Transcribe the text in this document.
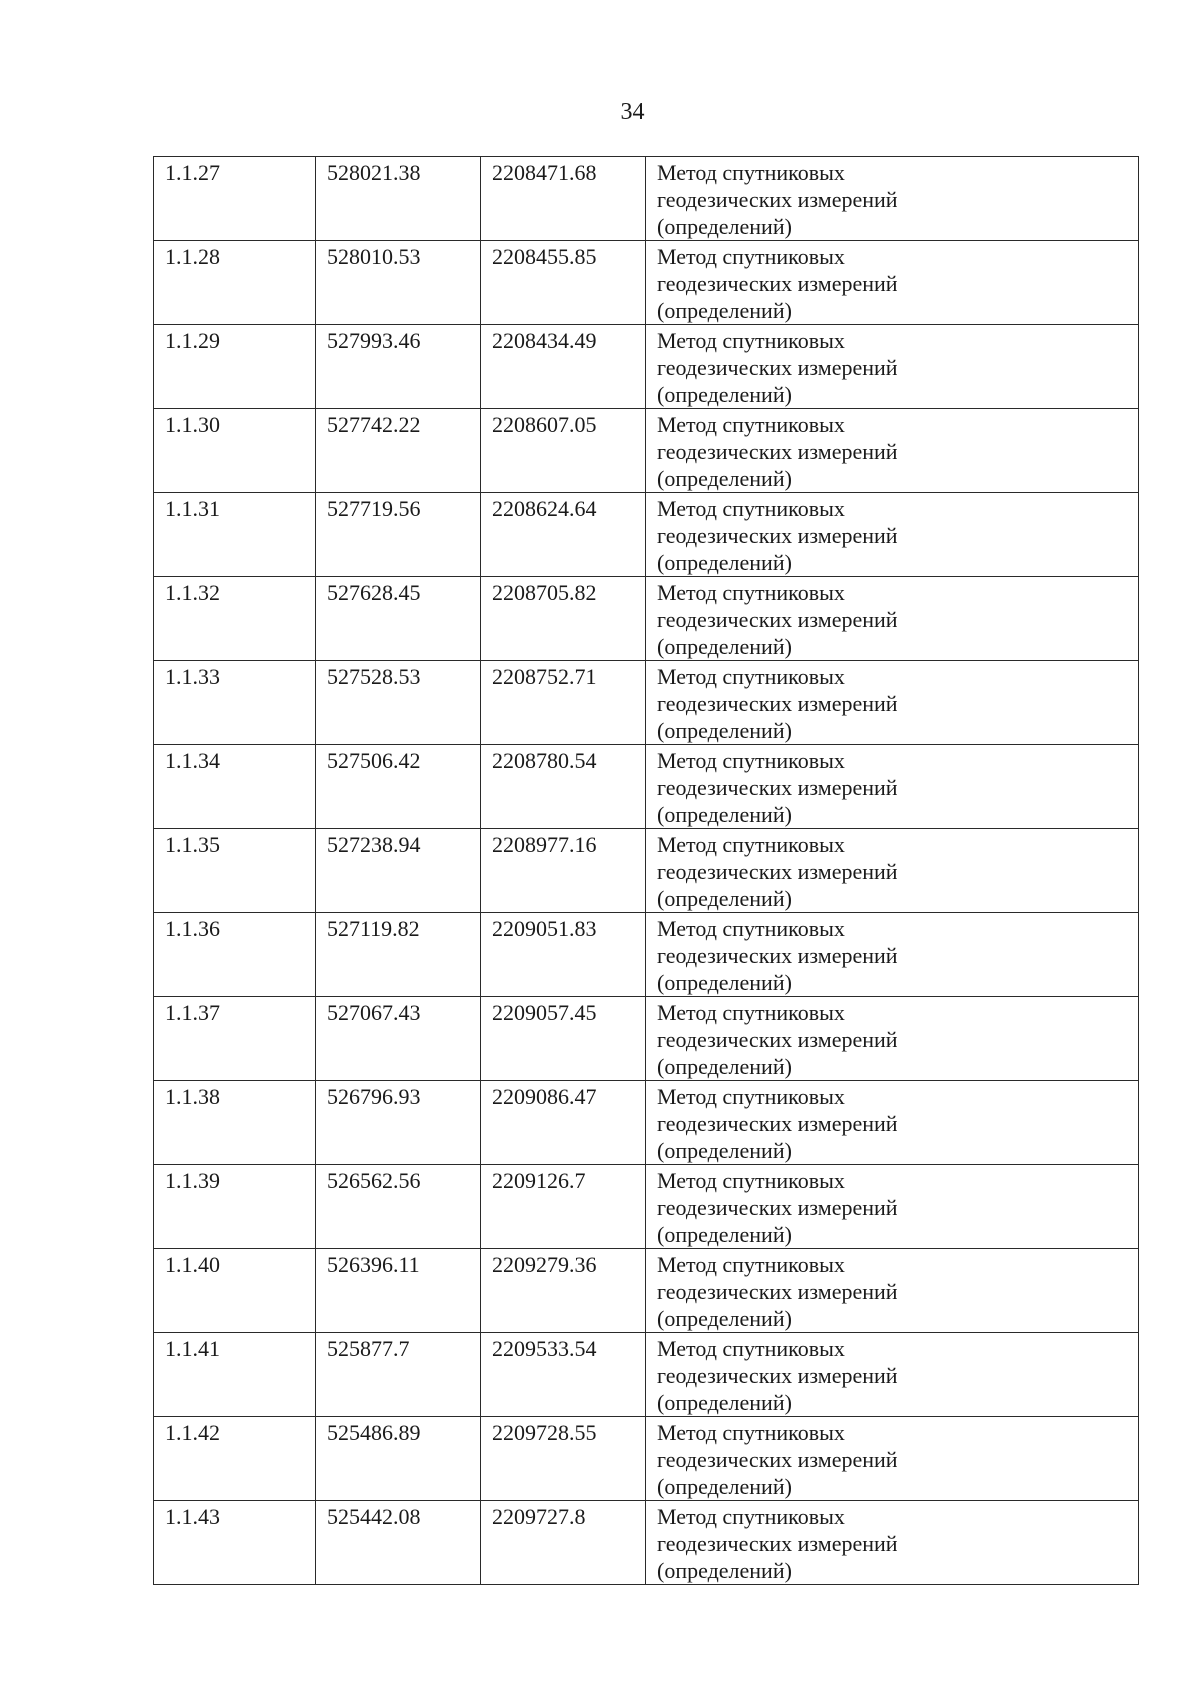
34
1.1.27	528021.38	2208471.68	Метод спутниковых
геодезических измерений
(определений)
1.1.28	528010.53	2208455.85	Метод спутниковых
геодезических измерений
(определений)
1.1.29	527993.46	2208434.49	Метод спутниковых
геодезических измерений
(определений)
1.1.30	527742.22	2208607.05	Метод спутниковых
геодезических измерений
(определений)
1.1.31	527719.56	2208624.64	Метод спутниковых
геодезических измерений
(определений)
1.1.32	527628.45	2208705.82	Метод спутниковых
геодезических измерений
(определений)
1.1.33	527528.53	2208752.71	Метод спутниковых
геодезических измерений
(определений)
1.1.34	527506.42	2208780.54	Метод спутниковых
геодезических измерений
(определений)
1.1.35	527238.94	2208977.16	Метод спутниковых
геодезических измерений
(определений)
1.1.36	527119.82	2209051.83	Метод спутниковых
геодезических измерений
(определений)
1.1.37	527067.43	2209057.45	Метод спутниковых
геодезических измерений
(определений)
1.1.38	526796.93	2209086.47	Метод спутниковых
геодезических измерений
(определений)
1.1.39	526562.56	2209126.7	Метод спутниковых
геодезических измерений
(определений)
1.1.40	526396.11	2209279.36	Метод спутниковых
геодезических измерений
(определений)
1.1.41	525877.7	2209533.54	Метод спутниковых
геодезических измерений
(определений)
1.1.42	525486.89	2209728.55	Метод спутниковых
геодезических измерений
(определений)
1.1.43	525442.08	2209727.8	Метод спутниковых
геодезических измерений
(определений)
